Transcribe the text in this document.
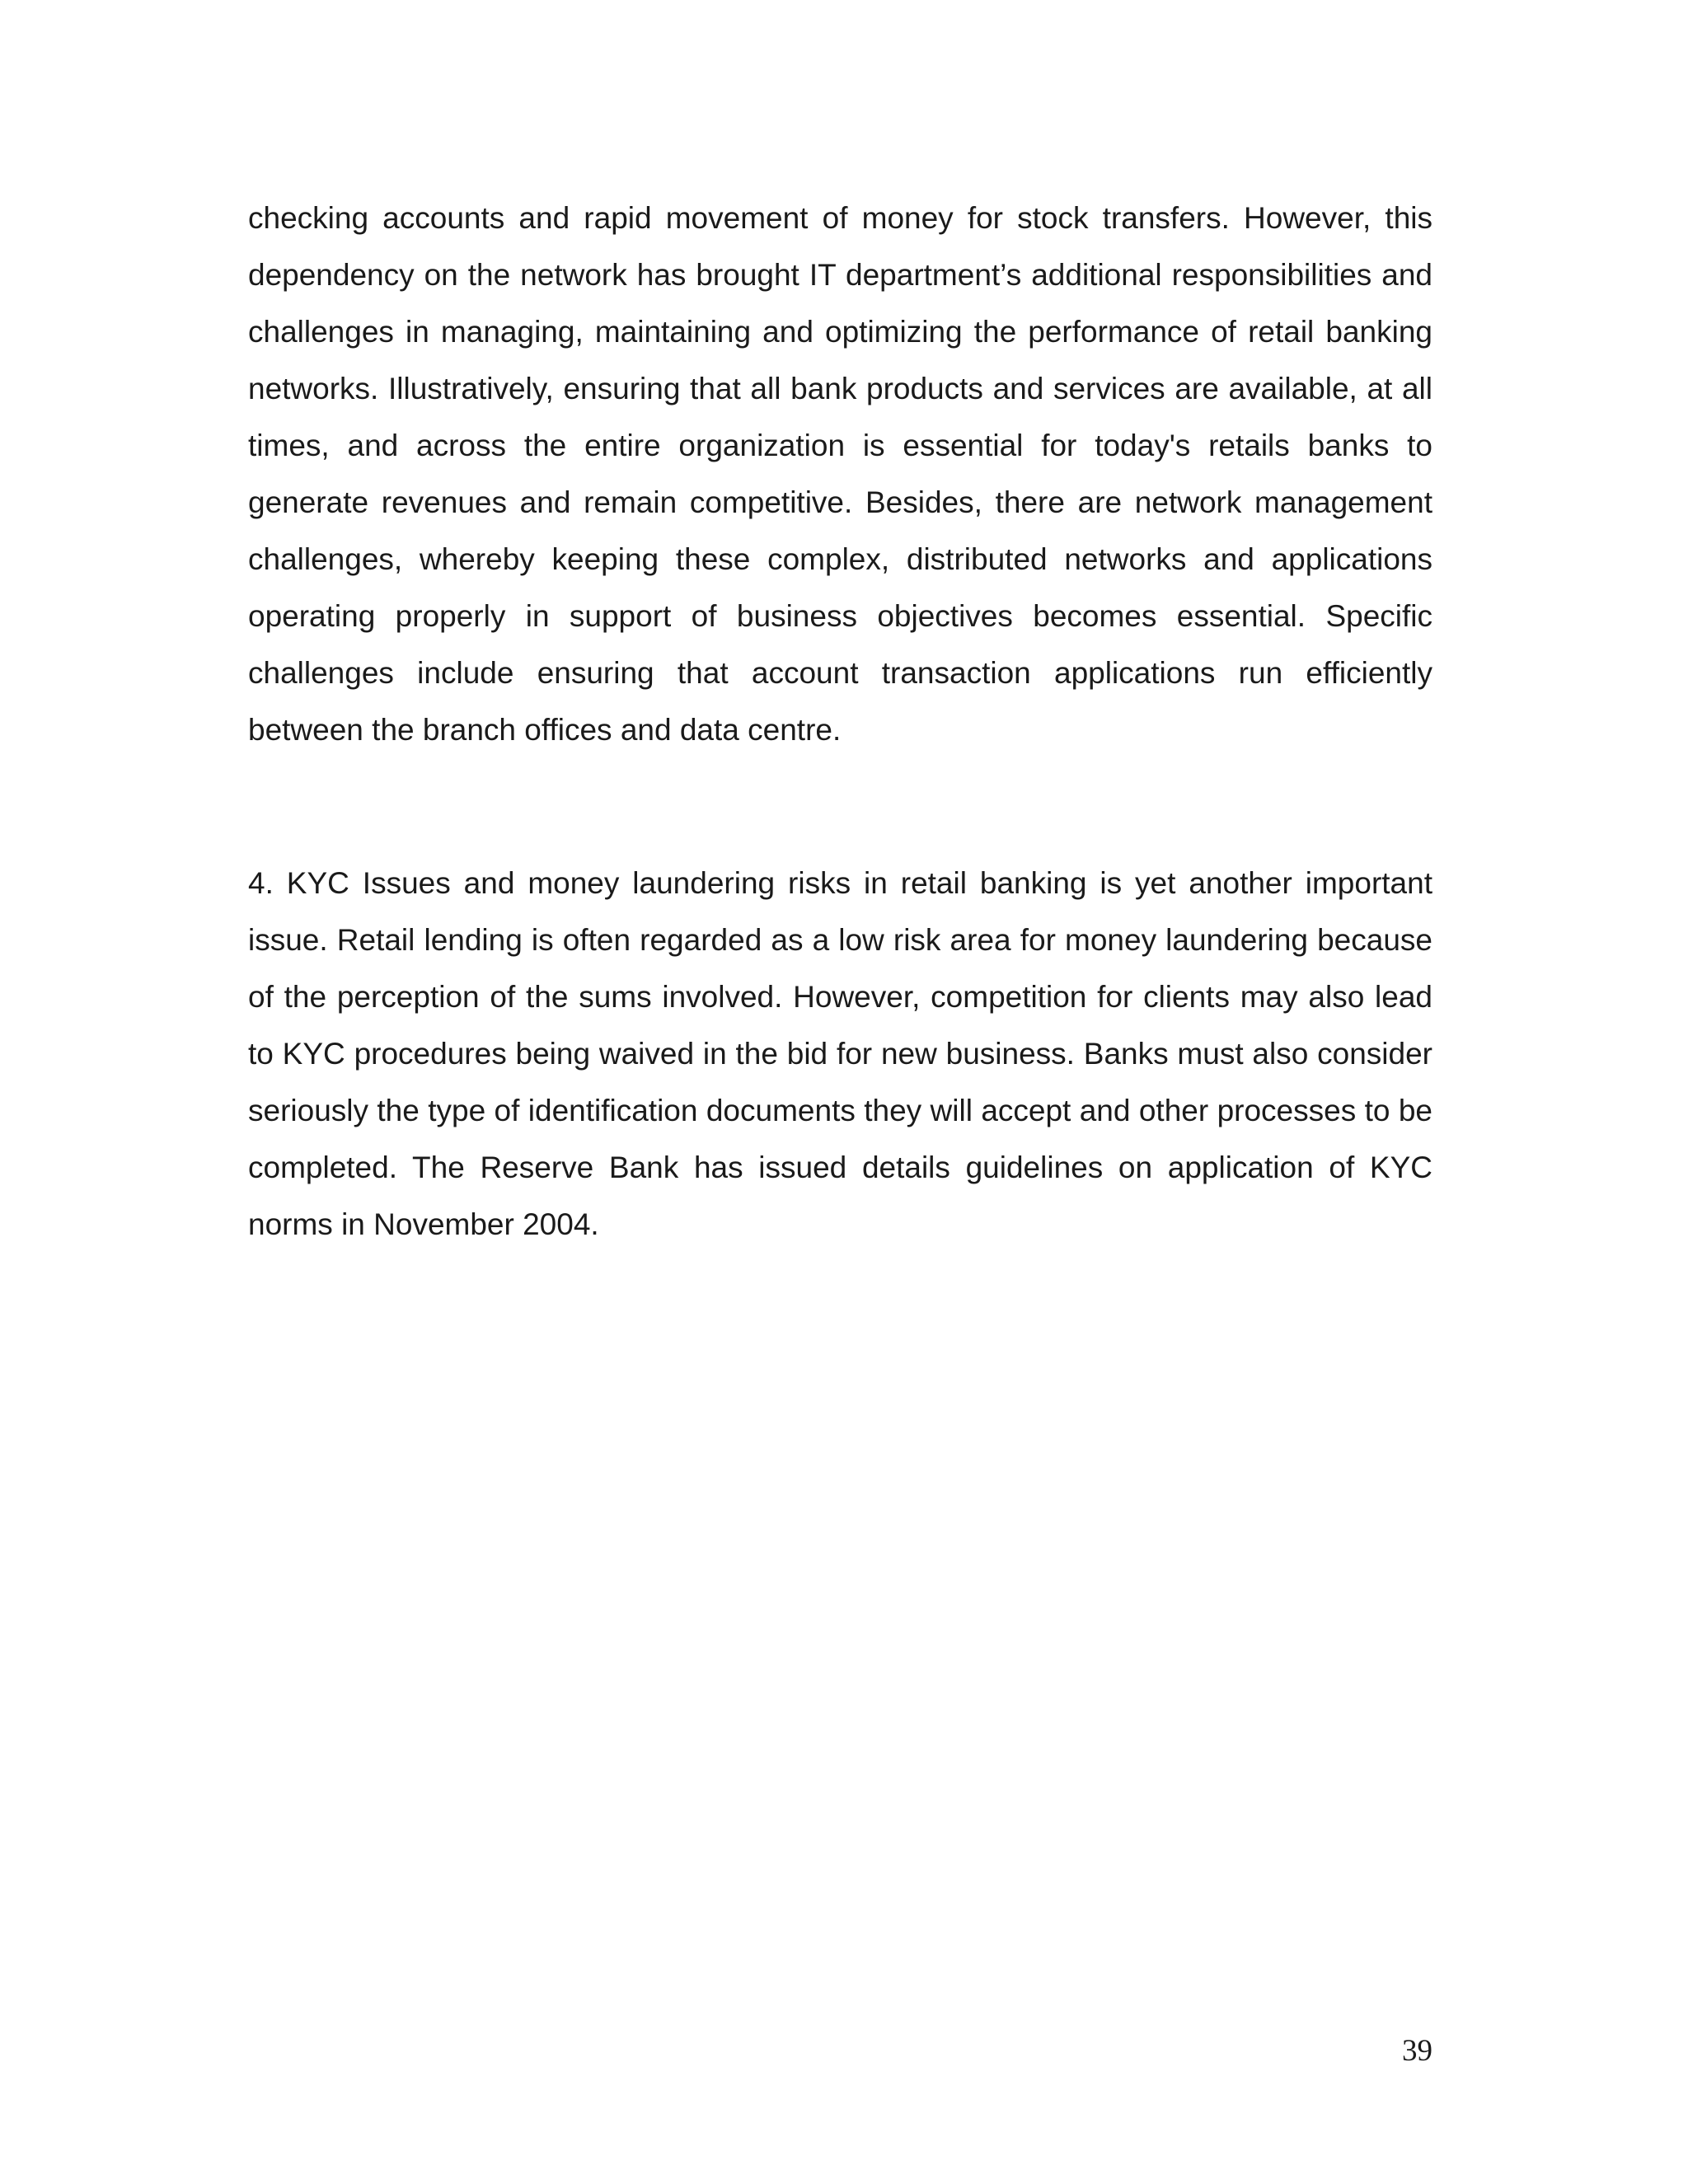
checking accounts and rapid movement of money for stock transfers. However, this dependency on the network has brought IT department’s additional responsibilities and challenges in managing, maintaining and optimizing the performance of retail banking networks. Illustratively, ensuring that all bank products and services are available, at all times, and across the entire organization is essential for today's retails banks to generate revenues and remain competitive. Besides, there are network management challenges, whereby keeping these complex, distributed networks and applications operating properly in support of business objectives becomes essential. Specific challenges include ensuring that account transaction applications run efficiently between the branch offices and data centre.

4. KYC Issues and money laundering risks in retail banking is yet another important issue. Retail lending is often regarded as a low risk area for money laundering because of the perception of the sums involved. However, competition for clients may also lead to KYC procedures being waived in the bid for new business. Banks must also consider seriously the type of identification documents they will accept and other processes to be completed. The Reserve Bank has issued details guidelines on application of KYC norms in November 2004.

39
